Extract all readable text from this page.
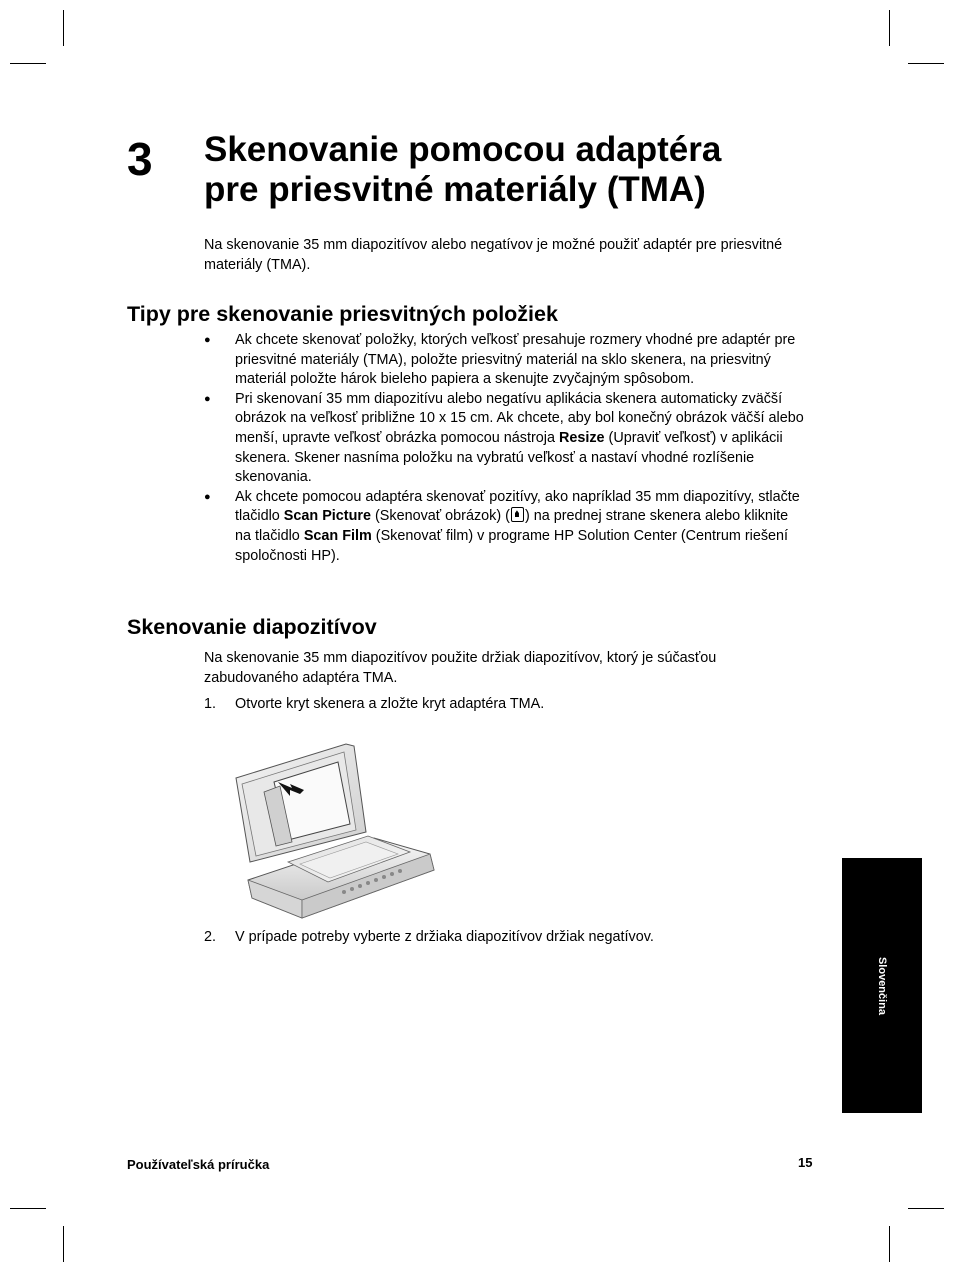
3 Skenovanie pomocou adaptéra
pre priesvitné materiály (TMA)

Na skenovanie 35 mm diapozitívov alebo negatívov je možné použiť adaptér pre priesvitné materiály (TMA).

Tipy pre skenovanie priesvitných položiek
● Ak chcete skenovať položky, ktorých veľkosť presahuje rozmery vhodné pre adaptér pre priesvitné materiály (TMA), položte priesvitný materiál na sklo skenera, na priesvitný materiál položte hárok bieleho papiera a skenujte zvyčajným spôsobom.
● Pri skenovaní 35 mm diapozitívu alebo negatívu aplikácia skenera automaticky zväčší obrázok na veľkosť približne 10 x 15 cm. Ak chcete, aby bol konečný obrázok väčší alebo menší, upravte veľkosť obrázka pomocou nástroja Resize (Upraviť veľkosť) v aplikácii skenera. Skener nasníma položku na vybratú veľkosť a nastaví vhodné rozlíšenie skenovania.
● Ak chcete pomocou adaptéra skenovať pozitívy, ako napríklad 35 mm diapozitívy, stlačte tlačidlo Scan Picture (Skenovať obrázok) ( ) na prednej strane skenera alebo kliknite na tlačidlo Scan Film (Skenovať film) v programe HP Solution Center (Centrum riešení spoločnosti HP).
Skenovanie diapozitívov

Na skenovanie 35 mm diapozitívov použite držiak diapozitívov, ktorý je súčasťou zabudovaného adaptéra TMA.

1. Otvorte kryt skenera a zložte kryt adaptéra TMA.

2. V prípade potreby vyberte z držiaka diapozitívov držiak negatívov.

Slovenčina
Používateľská príručka	15
